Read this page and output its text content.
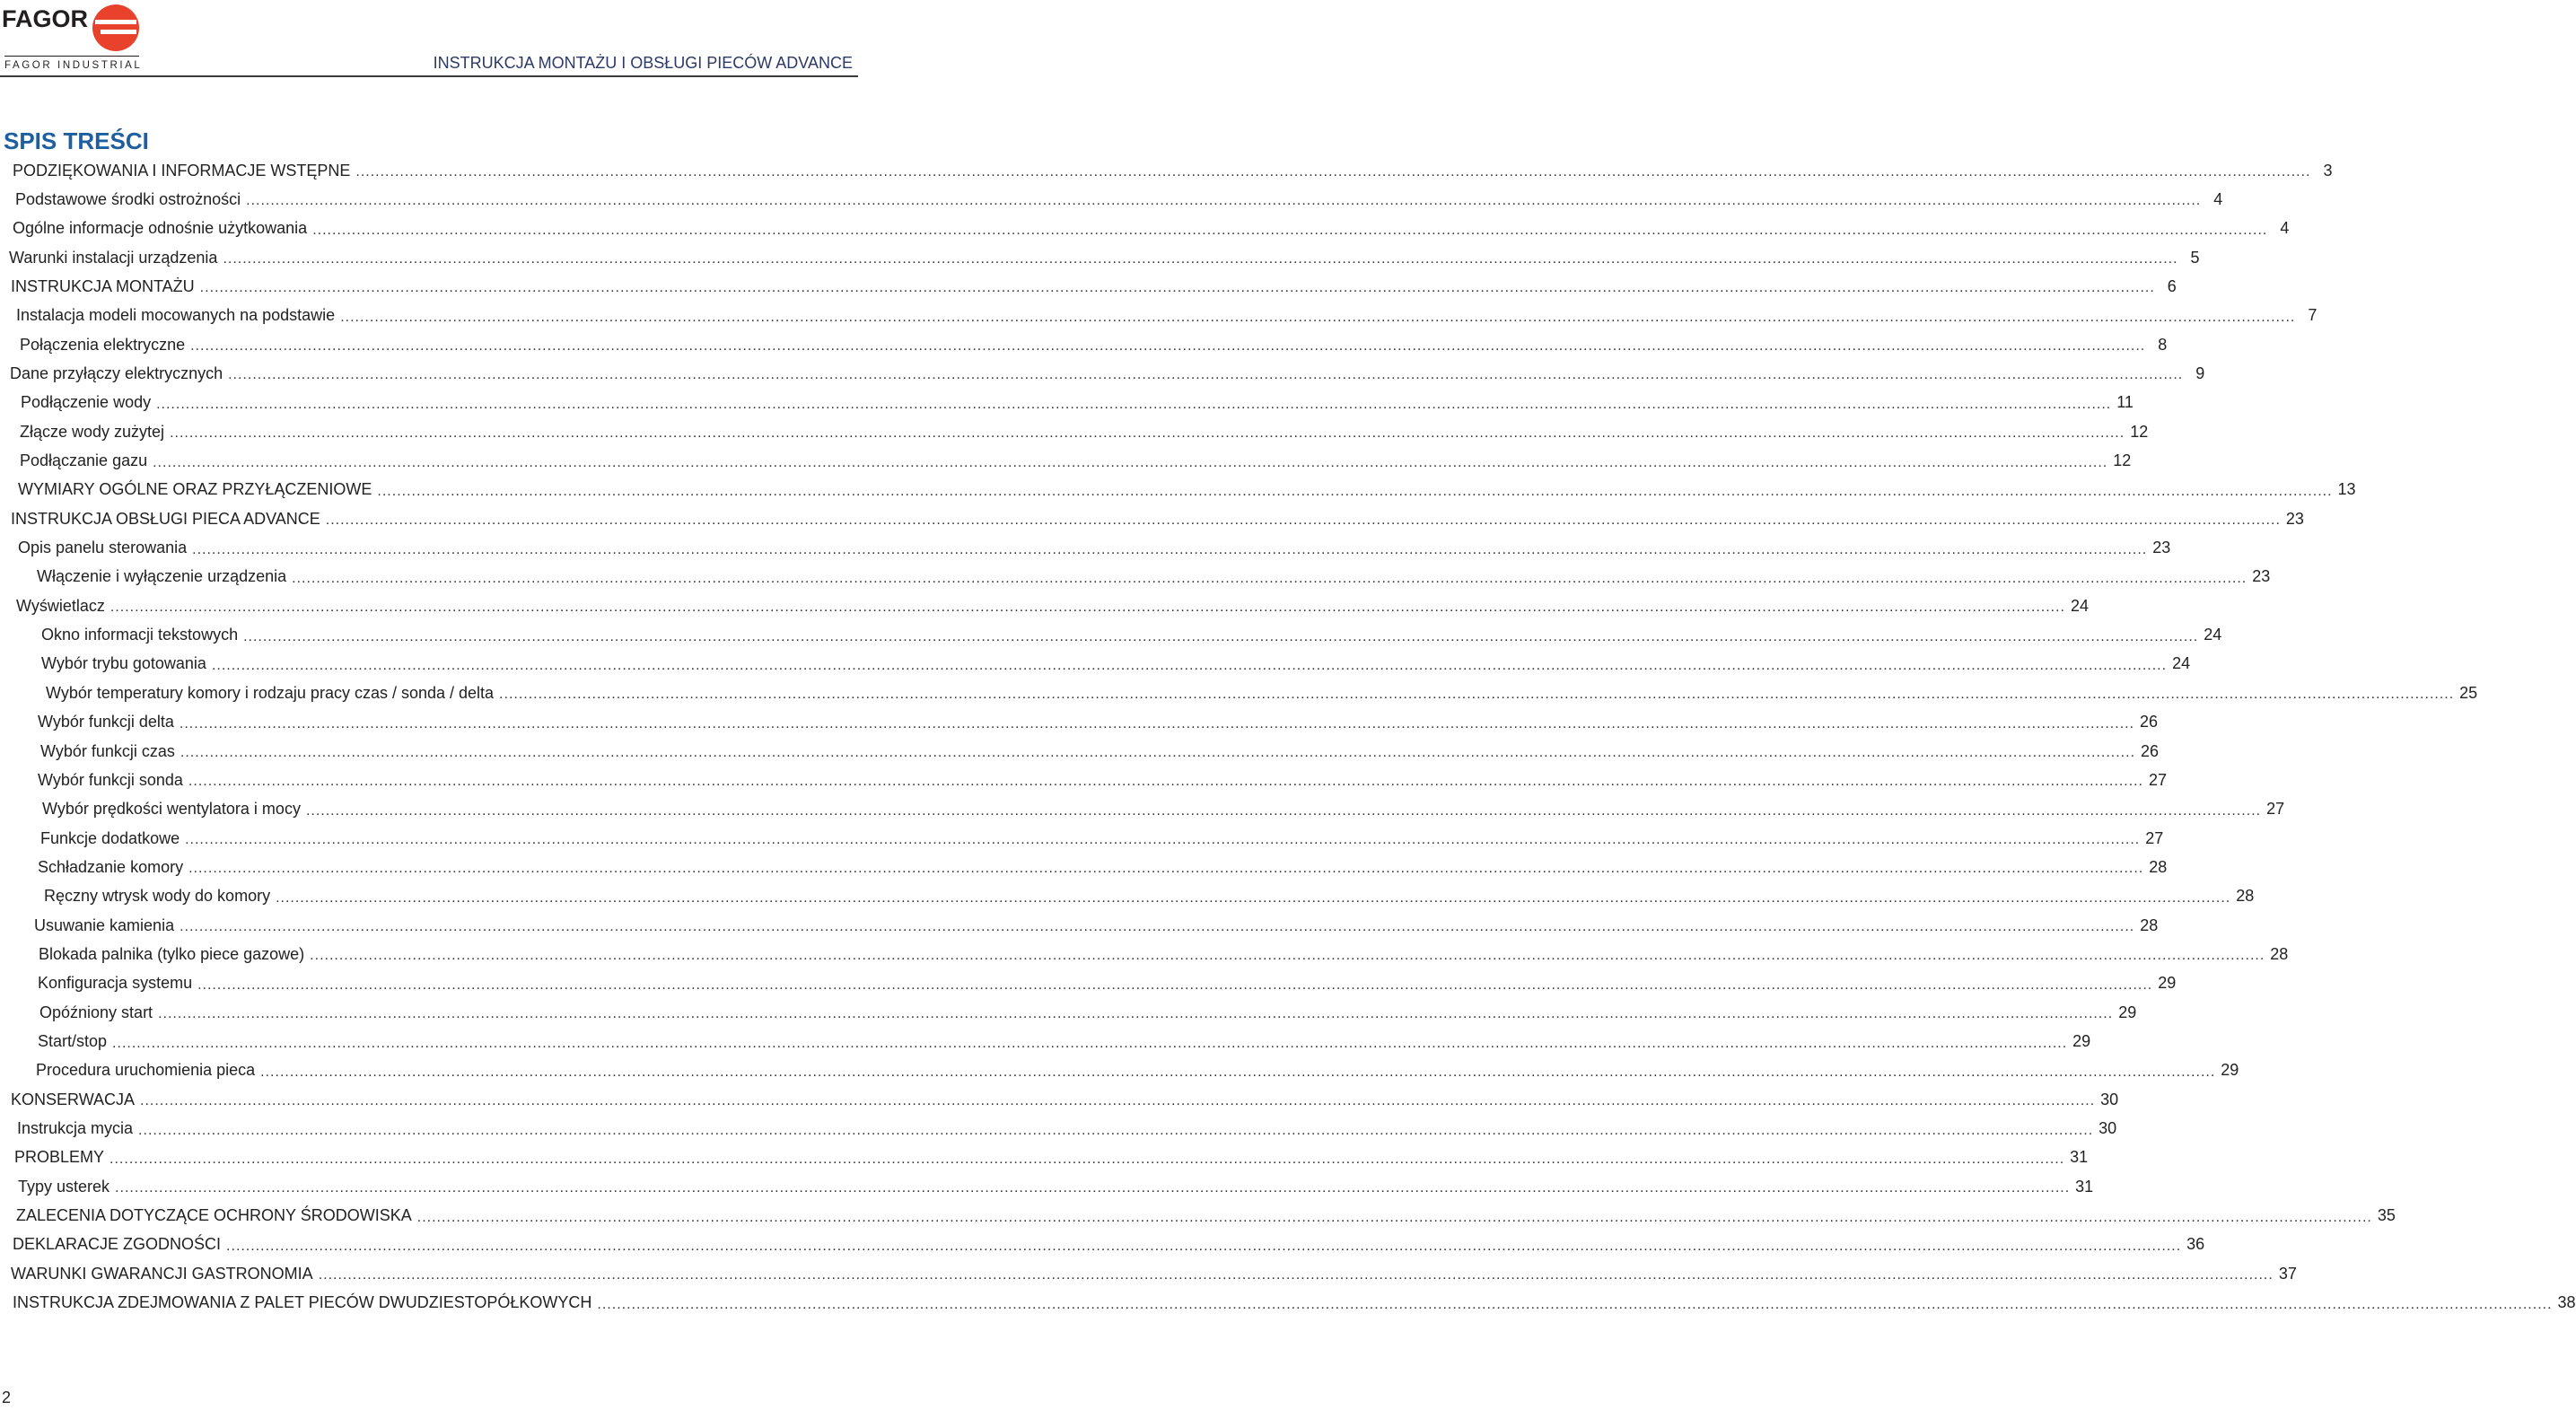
FAGOR
FAGOR INDUSTRIAL	INSTRUKCJA MONTAŻU I OBSŁUGI PIECÓW ADVANCE
SPIS TREŚCI
PODZIĘKOWANIA I INFORMACJE WSTĘPNE ................................................................................................................................................................................................................................................................................................................................................................................................................ 3
Podstawowe środki ostrożności ................................................................................................................................................................................................................................................................................................................................................................................................................ 4
Ogólne informacje odnośnie użytkowania ................................................................................................................................................................................................................................................................................................................................................................................................................ 4
Warunki instalacji urządzenia ................................................................................................................................................................................................................................................................................................................................................................................................................ 5
INSTRUKCJA MONTAŻU ................................................................................................................................................................................................................................................................................................................................................................................................................ 6
Instalacja modeli mocowanych na podstawie ................................................................................................................................................................................................................................................................................................................................................................................................................ 7
Połączenia elektryczne ................................................................................................................................................................................................................................................................................................................................................................................................................ 8
Dane przyłączy elektrycznych ................................................................................................................................................................................................................................................................................................................................................................................................................ 9
Podłączenie wody ................................................................................................................................................................................................................................................................................................................................................................................................................ 11
Złącze wody zużytej ................................................................................................................................................................................................................................................................................................................................................................................................................ 12
Podłączanie gazu ................................................................................................................................................................................................................................................................................................................................................................................................................ 12
WYMIARY OGÓLNE ORAZ PRZYŁĄCZENIOWE ................................................................................................................................................................................................................................................................................................................................................................................................................ 13
INSTRUKCJA OBSŁUGI PIECA ADVANCE ................................................................................................................................................................................................................................................................................................................................................................................................................ 23
Opis panelu sterowania ................................................................................................................................................................................................................................................................................................................................................................................................................ 23
Włączenie i wyłączenie urządzenia ................................................................................................................................................................................................................................................................................................................................................................................................................ 23
Wyświetlacz ................................................................................................................................................................................................................................................................................................................................................................................................................ 24
Okno informacji tekstowych ................................................................................................................................................................................................................................................................................................................................................................................................................ 24
Wybór trybu gotowania ................................................................................................................................................................................................................................................................................................................................................................................................................ 24
Wybór temperatury komory i rodzaju pracy czas / sonda / delta ................................................................................................................................................................................................................................................................................................................................................................................................................ 25
Wybór funkcji delta ................................................................................................................................................................................................................................................................................................................................................................................................................ 26
Wybór funkcji czas ................................................................................................................................................................................................................................................................................................................................................................................................................ 26
Wybór funkcji sonda ................................................................................................................................................................................................................................................................................................................................................................................................................ 27
Wybór prędkości wentylatora i mocy ................................................................................................................................................................................................................................................................................................................................................................................................................ 27
Funkcje dodatkowe ................................................................................................................................................................................................................................................................................................................................................................................................................ 27
Schładzanie komory ................................................................................................................................................................................................................................................................................................................................................................................................................ 28
Ręczny wtrysk wody do komory ................................................................................................................................................................................................................................................................................................................................................................................................................ 28
Usuwanie kamienia ................................................................................................................................................................................................................................................................................................................................................................................................................ 28
Blokada palnika (tylko piece gazowe) ................................................................................................................................................................................................................................................................................................................................................................................................................ 28
Konfiguracja systemu ................................................................................................................................................................................................................................................................................................................................................................................................................ 29
Opóźniony start ................................................................................................................................................................................................................................................................................................................................................................................................................ 29
Start/stop ................................................................................................................................................................................................................................................................................................................................................................................................................ 29
Procedura uruchomienia pieca ................................................................................................................................................................................................................................................................................................................................................................................................................ 29
KONSERWACJA ................................................................................................................................................................................................................................................................................................................................................................................................................ 30
Instrukcja mycia ................................................................................................................................................................................................................................................................................................................................................................................................................ 30
PROBLEMY ................................................................................................................................................................................................................................................................................................................................................................................................................ 31
Typy usterek ................................................................................................................................................................................................................................................................................................................................................................................................................ 31
ZALECENIA DOTYCZĄCE OCHRONY ŚRODOWISKA ................................................................................................................................................................................................................................................................................................................................................................................................................ 35
DEKLARACJE ZGODNOŚCI ................................................................................................................................................................................................................................................................................................................................................................................................................ 36
WARUNKI GWARANCJI GASTRONOMIA ................................................................................................................................................................................................................................................................................................................................................................................................................ 37
INSTRUKCJA ZDEJMOWANIA Z PALET PIECÓW DWUDZIESTOPÓŁKOWYCH ................................................................................................................................................................................................................................................................................................................................................................................................................ 38
2
